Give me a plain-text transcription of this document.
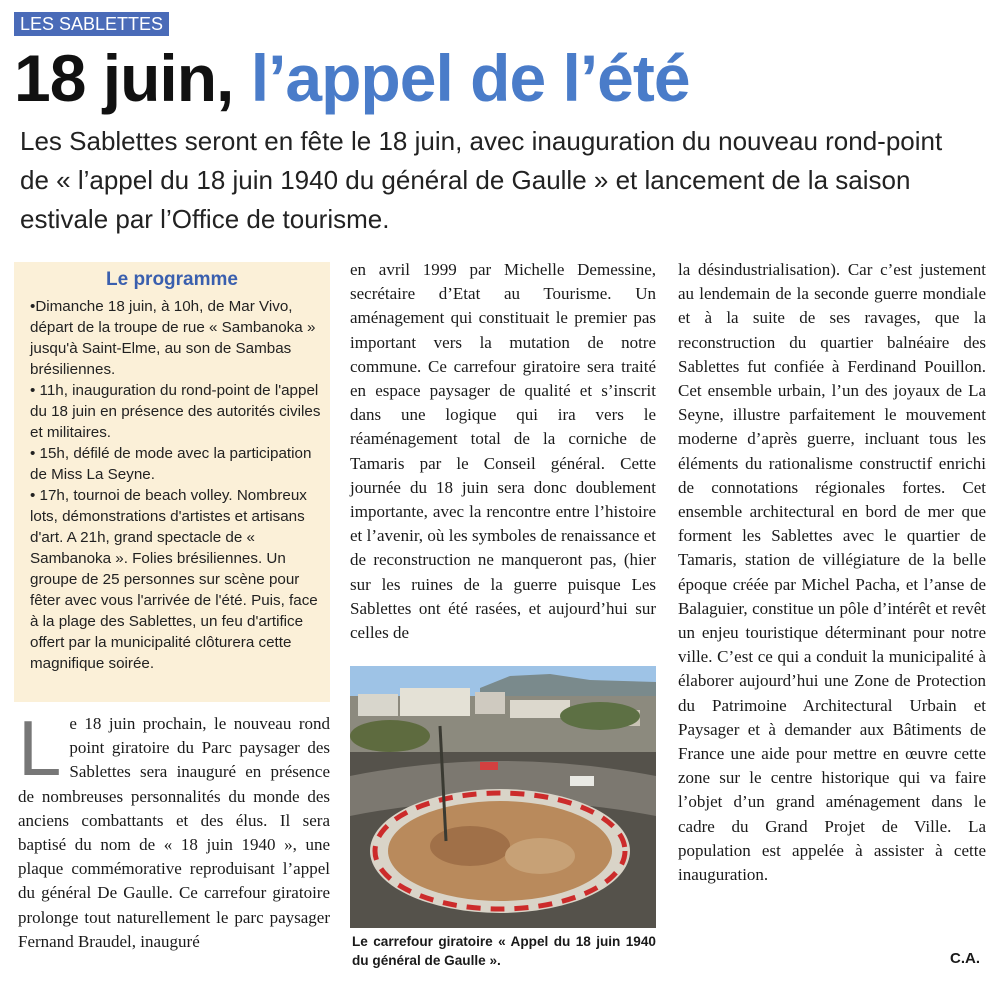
LES SABLETTES
18 juin, l’appel de l’été

Les Sablettes seront en fête le 18 juin, avec inauguration du nouveau rond-point

de « l’appel du 18 juin 1940 du général de Gaulle » et lancement de la saison

estivale par l’Office de tourisme.

Le programme
•Dimanche 18 juin, à 10h, de Mar Vivo, départ de la troupe de rue « Sambanoka » jusqu'à Saint-Elme, au son de Sambas brésiliennes.
• 11h, inauguration du rond-point de l'appel du 18 juin en présence des autorités civiles et militaires.
• 15h, défilé de mode avec la participation de Miss La Seyne.
• 17h, tournoi de beach volley. Nombreux lots, démonstrations d'artistes et artisans d'art. A 21h, grand spectacle de « Sambanoka ». Folies brésiliennes. Un groupe de 25 personnes sur scène pour fêter avec vous l'arrivée de l'été. Puis, face à la plage des Sablettes, un feu d'artifice offert par la municipalité clôturera cette magnifique soirée.
L e 18 juin prochain, le nouveau rond point giratoire du Parc paysager des Sablettes sera inauguré en présence de nombreuses personnalités du monde des anciens combattants et des élus. Il sera baptisé du nom de « 18 juin 1940 », une plaque commémorative reproduisant l’appel du général De Gaulle. Ce carrefour giratoire prolonge tout naturellement le parc paysager Fernand Braudel, inauguré

en avril 1999 par Michelle Demessine, secrétaire d’Etat au Tourisme. Un aménagement qui constituait le premier pas important vers la mutation de notre commune. Ce carrefour giratoire sera traité en espace paysager de qualité et s’inscrit dans une logique qui ira vers le réaménagement total de la corniche de Tamaris par le Conseil général. Cette journée du 18 juin sera donc doublement importante, avec la rencontre entre l’histoire et l’avenir, où les symboles de renaissance et de reconstruction ne manqueront pas, (hier sur les ruines de la guerre puisque Les Sablettes ont été rasées, et aujourd’hui sur celles de

Le carrefour giratoire « Appel du 18 juin 1940 du général de Gaulle ».

la désindustrialisation). Car c’est justement au lendemain de la seconde guerre mondiale et à la suite de ses ravages, que la reconstruction du quartier balnéaire des Sablettes fut confiée à Ferdinand Pouillon. Cet ensemble urbain, l’un des joyaux de La Seyne, illustre parfaitement le mouvement moderne d’après guerre, incluant tous les éléments du rationalisme constructif enrichi de connotations régionales fortes. Cet ensemble architectural en bord de mer que forment les Sablettes avec le quartier de Tamaris, station de villégiature de la belle époque créée par Michel Pacha, et l’anse de Balaguier, constitue un pôle d’intérêt et revêt un enjeu touristique déterminant pour notre ville. C’est ce qui a conduit la municipalité à élaborer aujourd’hui une Zone de Protection du Patrimoine Architectural Urbain et Paysager et à demander aux Bâtiments de France une aide pour mettre en œuvre cette zone sur le centre historique qui va faire l’objet d’un grand aménagement dans le cadre du Grand Projet de Ville. La population est appelée à assister à cette inauguration.

C.A.
